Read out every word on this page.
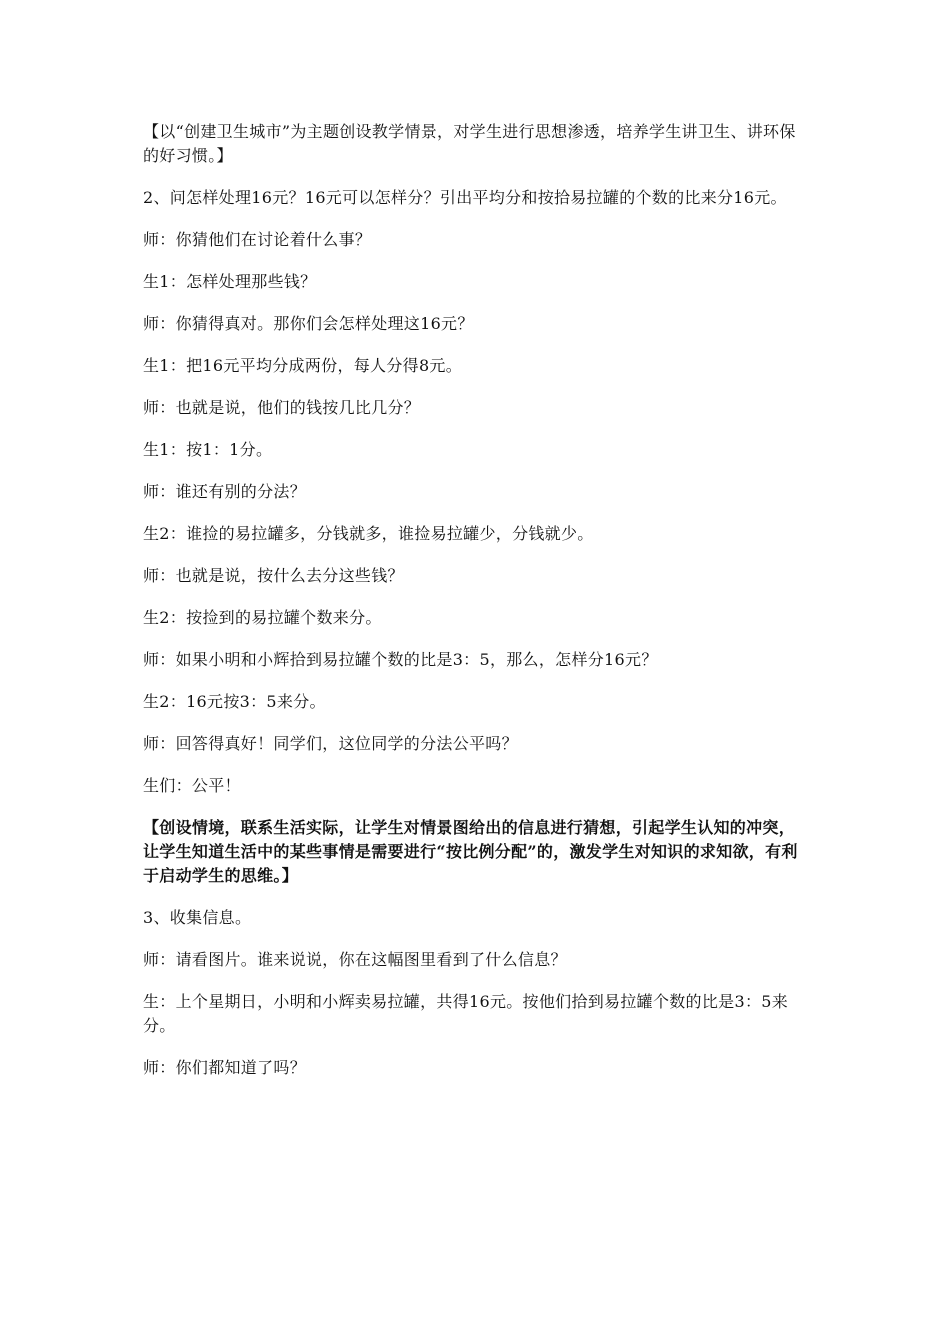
【以“创建卫生城市”为主题创设教学情景，对学生进行思想渗透，培养学生讲卫生、讲环保的好习惯。】

2、问怎样处理16元？16元可以怎样分？引出平均分和按拾易拉罐的个数的比来分16元。

师：你猜他们在讨论着什么事？

生1：怎样处理那些钱？

师：你猜得真对。那你们会怎样处理这16元？

生1：把16元平均分成两份，每人分得8元。

师：也就是说，他们的钱按几比几分？

生1：按1：1分。

师：谁还有别的分法？

生2：谁捡的易拉罐多，分钱就多，谁捡易拉罐少，分钱就少。

师：也就是说，按什么去分这些钱？

生2：按捡到的易拉罐个数来分。

师：如果小明和小辉拾到易拉罐个数的比是3：5，那么，怎样分16元？

生2：16元按3：5来分。

师：回答得真好！同学们，这位同学的分法公平吗？

生们：公平！

【创设情境，联系生活实际，让学生对情景图给出的信息进行猜想，引起学生认知的冲突，让学生知道生活中的某些事情是需要进行“按比例分配”的，激发学生对知识的求知欲，有利于启动学生的思维。】

3、收集信息。

师：请看图片。谁来说说，你在这幅图里看到了什么信息？

生：上个星期日，小明和小辉卖易拉罐，共得16元。按他们拾到易拉罐个数的比是3：5来分。

师：你们都知道了吗？
